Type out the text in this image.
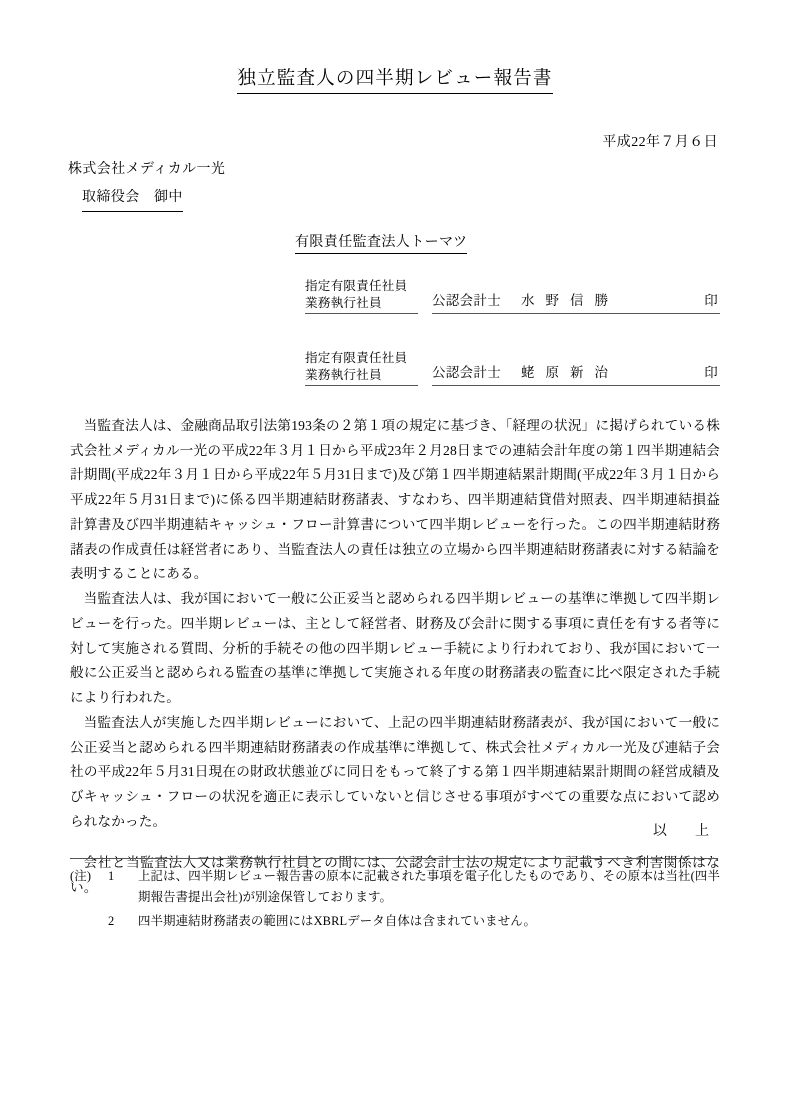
独立監査人の四半期レビュー報告書
平成22年７月６日
株式会社メディカル一光
取締役会　御中
有限責任監査法人トーマツ
指定有限責任社員
業務執行社員	公認会計士 水野信勝	印
指定有限責任社員
業務執行社員	公認会計士 蛯原新治	印

当監査法人は、金融商品取引法第193条の２第１項の規定に基づき、「経理の状況」に掲げられている株式会社メディカル一光の平成22年３月１日から平成23年２月28日までの連結会計年度の第１四半期連結会計期間(平成22年３月１日から平成22年５月31日まで)及び第１四半期連結累計期間(平成22年３月１日から平成22年５月31日まで)に係る四半期連結財務諸表、すなわち、四半期連結貸借対照表、四半期連結損益計算書及び四半期連結キャッシュ・フロー計算書について四半期レビューを行った。この四半期連結財務諸表の作成責任は経営者にあり、当監査法人の責任は独立の立場から四半期連結財務諸表に対する結論を表明することにある。

当監査法人は、我が国において一般に公正妥当と認められる四半期レビューの基準に準拠して四半期レビューを行った。四半期レビューは、主として経営者、財務及び会計に関する事項に責任を有する者等に対して実施される質問、分析的手続その他の四半期レビュー手続により行われており、我が国において一般に公正妥当と認められる監査の基準に準拠して実施される年度の財務諸表の監査に比べ限定された手続により行われた。

当監査法人が実施した四半期レビューにおいて、上記の四半期連結財務諸表が、我が国において一般に公正妥当と認められる四半期連結財務諸表の作成基準に準拠して、株式会社メディカル一光及び連結子会社の平成22年５月31日現在の財政状態並びに同日をもって終了する第１四半期連結累計期間の経営成績及びキャッシュ・フローの状況を適正に表示していないと信じさせる事項がすべての重要な点において認められなかった。

会社と当監査法人又は業務執行社員との間には、公認会計士法の規定により記載すべき利害関係はない。

以　上
(注)	1	上記は、四半期レビュー報告書の原本に記載された事項を電子化したものであり、その原本は当社(四半期報告書提出会社)が別途保管しております。
2	四半期連結財務諸表の範囲にはXBRLデータ自体は含まれていません。
